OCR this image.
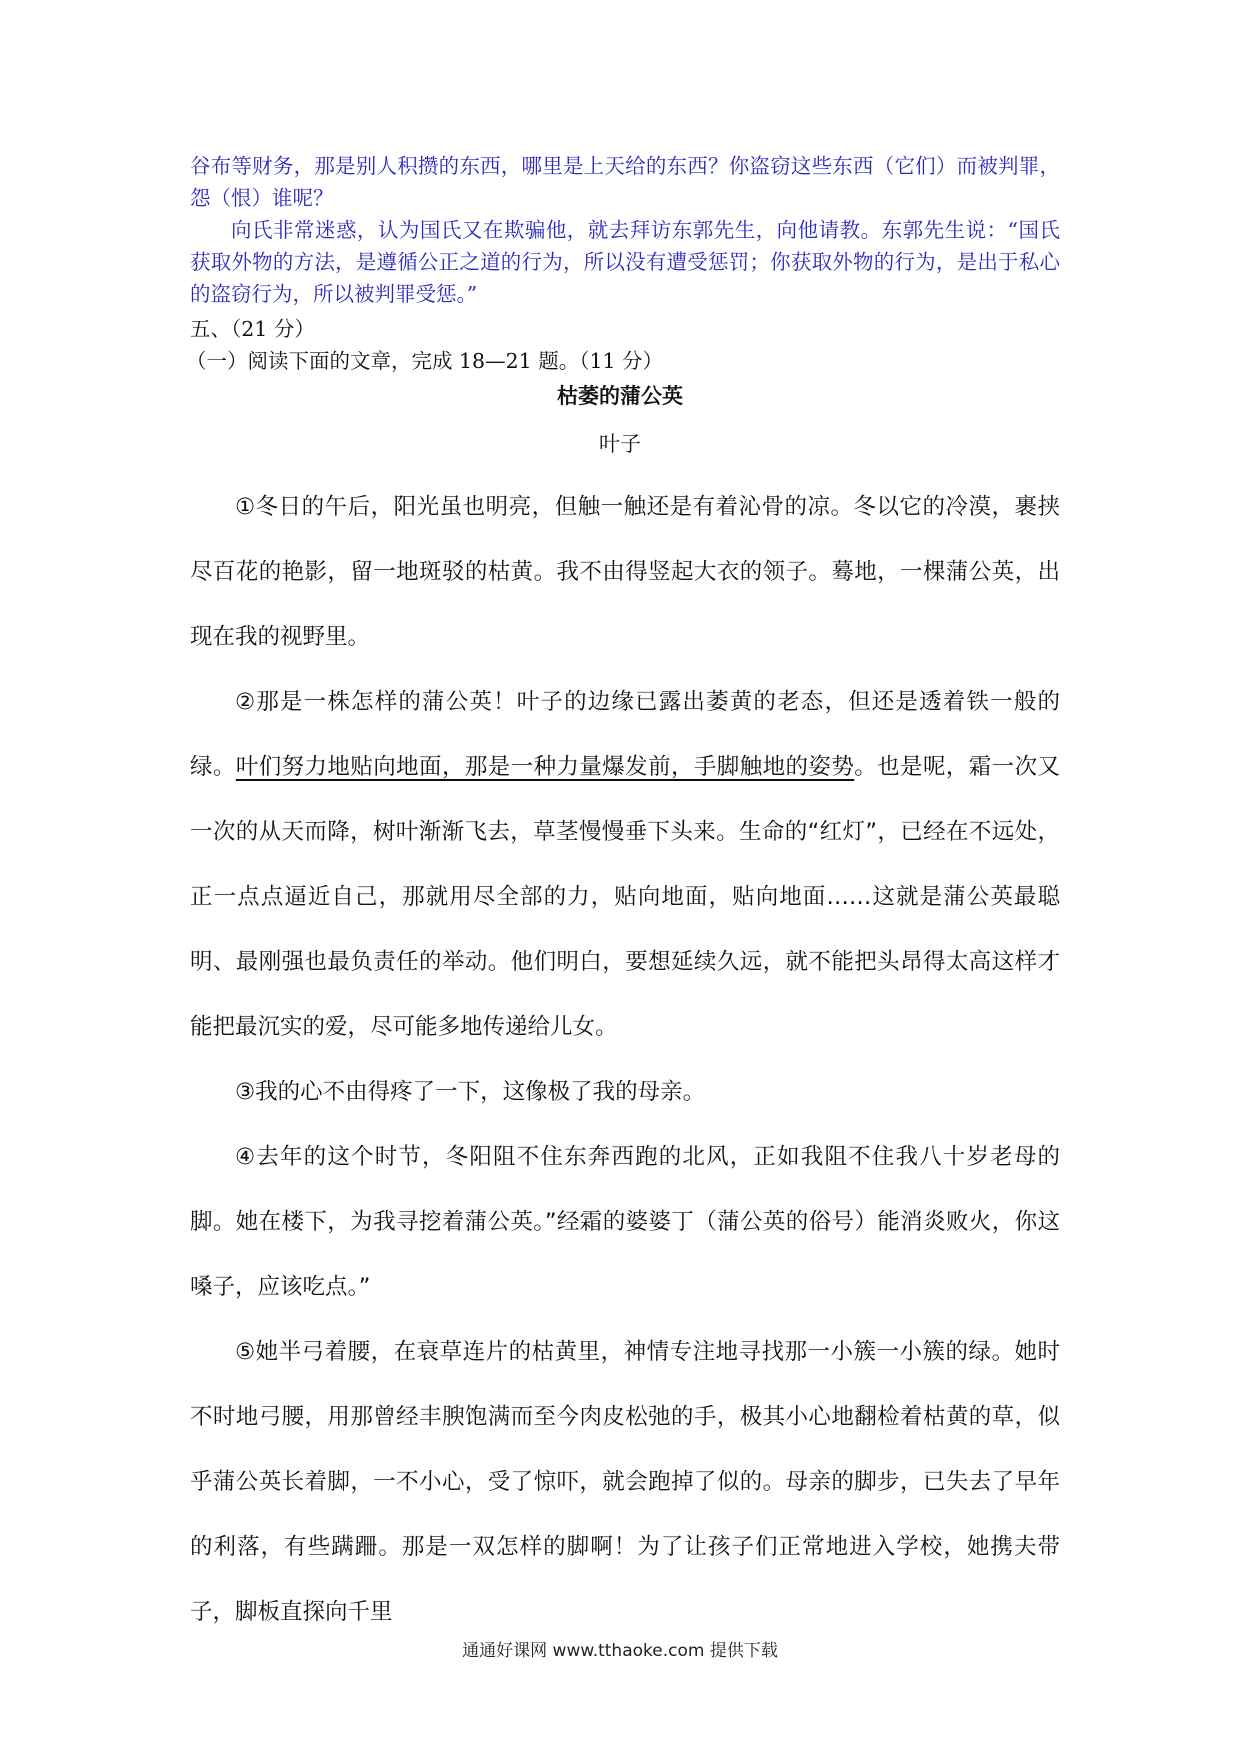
谷布等财务，那是别人积攒的东西，哪里是上天给的东西？你盗窃这些东西（它们）而被判罪，怨（恨）谁呢？

向氏非常迷惑，认为国氏又在欺骗他，就去拜访东郭先生，向他请教。东郭先生说：“国氏获取外物的方法，是遵循公正之道的行为，所以没有遭受惩罚；你获取外物的行为，是出于私心的盗窃行为，所以被判罪受惩。”

五、（21 分）
（一）阅读下面的文章，完成 18—21 题。（11 分）
枯萎的蒲公英
叶子

①冬日的午后，阳光虽也明亮，但触一触还是有着沁骨的凉。冬以它的冷漠，裹挟尽百花的艳影，留一地斑驳的枯黄。我不由得竖起大衣的领子。蓦地，一棵蒲公英，出现在我的视野里。

②那是一株怎样的蒲公英！叶子的边缘已露出萎黄的老态，但还是透着铁一般的绿。叶们努力地贴向地面，那是一种力量爆发前，手脚触地的姿势。也是呢，霜一次又一次的从天而降，树叶渐渐飞去，草茎慢慢垂下头来。生命的“红灯”，已经在不远处，正一点点逼近自己，那就用尽全部的力，贴向地面，贴向地面……这就是蒲公英最聪明、最刚强也最负责任的举动。他们明白，要想延续久远，就不能把头昂得太高这样才能把最沉实的爱，尽可能多地传递给儿女。

③我的心不由得疼了一下，这像极了我的母亲。

④去年的这个时节，冬阳阻不住东奔西跑的北风，正如我阻不住我八十岁老母的脚。她在楼下，为我寻挖着蒲公英。”经霜的婆婆丁（蒲公英的俗号）能消炎败火，你这嗓子，应该吃点。”

⑤她半弓着腰，在衰草连片的枯黄里，神情专注地寻找那一小簇一小簇的绿。她时不时地弓腰，用那曾经丰腴饱满而至今肉皮松弛的手，极其小心地翻检着枯黄的草，似乎蒲公英长着脚，一不小心，受了惊吓，就会跑掉了似的。母亲的脚步，已失去了早年的利落，有些蹒跚。那是一双怎样的脚啊！为了让孩子们正常地进入学校，她携夫带子，脚板直探向千里

通通好课网 www.tthaoke.com 提供下载
